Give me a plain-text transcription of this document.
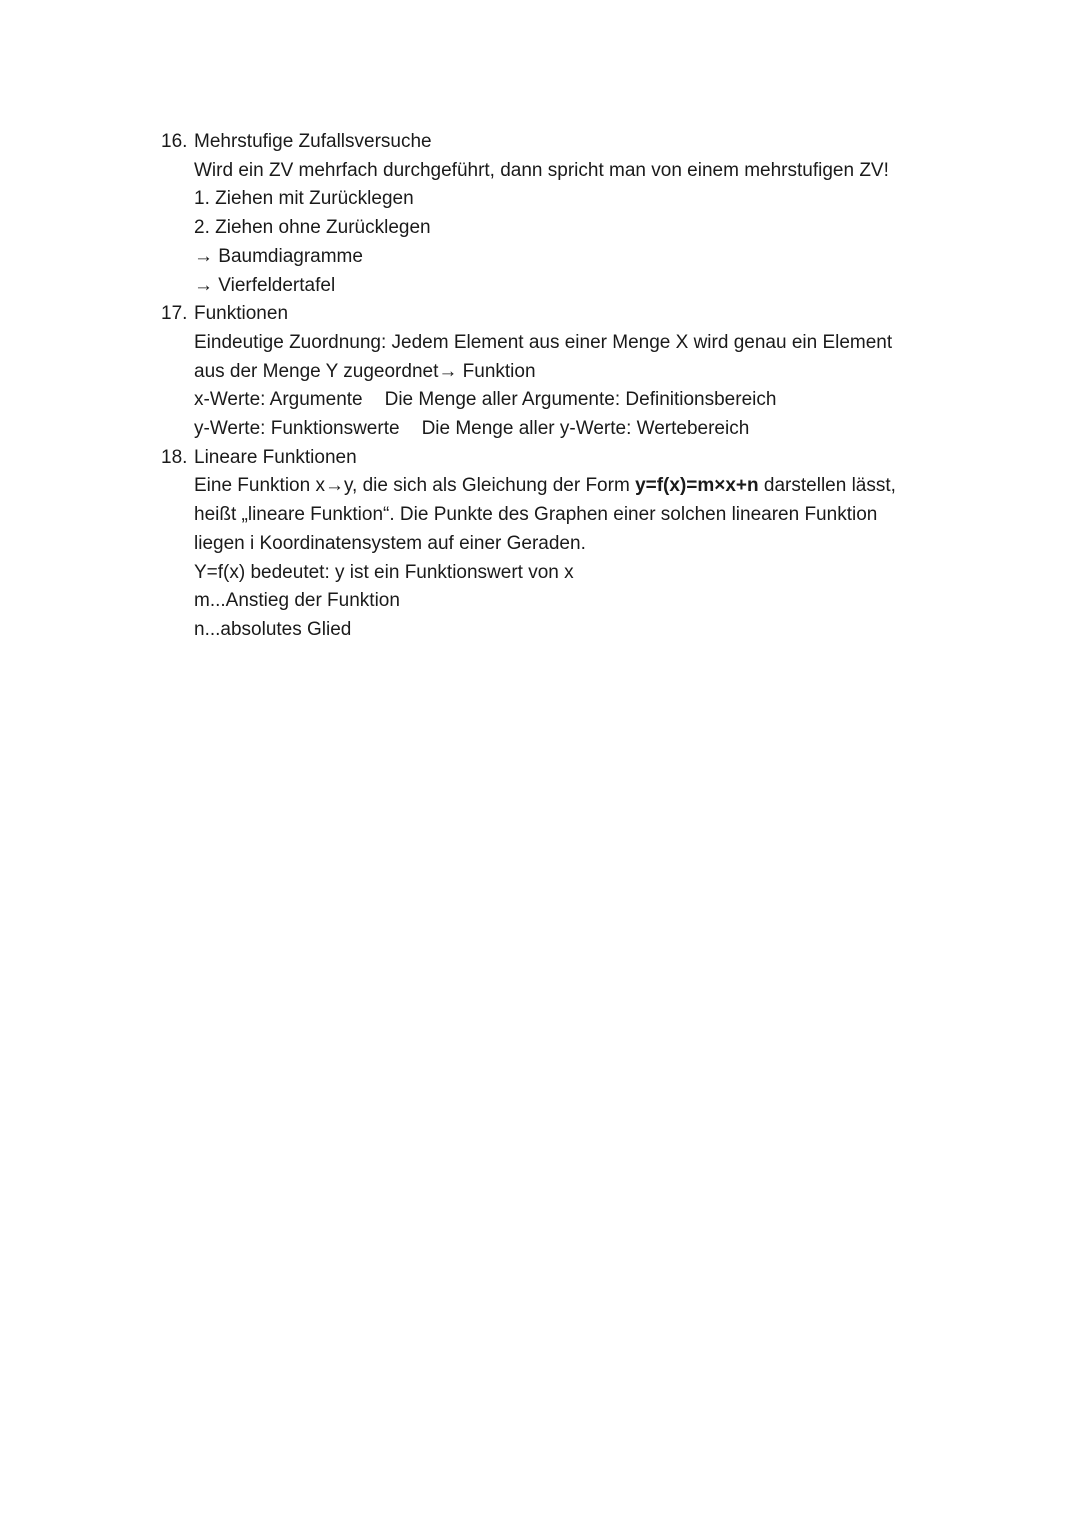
16. Mehrstufige Zufallsversuche
Wird ein ZV mehrfach durchgeführt, dann spricht man von einem mehrstufigen ZV!
1. Ziehen mit Zurücklegen
2. Ziehen ohne Zurücklegen
→ Baumdiagramme
→ Vierfeldertafel
17. Funktionen
Eindeutige Zuordnung: Jedem Element aus einer Menge X wird genau ein Element
aus der Menge Y zugeordnet→ Funktion
x-Werte: Argumente Die Menge aller Argumente: Definitionsbereich
y-Werte: Funktionswerte Die Menge aller y-Werte: Wertebereich
18. Lineare Funktionen
Eine Funktion x→y, die sich als Gleichung der Form y=f(x)=m×x+n darstellen lässt,
heißt „lineare Funktion“. Die Punkte des Graphen einer solchen linearen Funktion
liegen i Koordinatensystem auf einer Geraden.
Y=f(x) bedeutet: y ist ein Funktionswert von x
m...Anstieg der Funktion
n...absolutes Glied
